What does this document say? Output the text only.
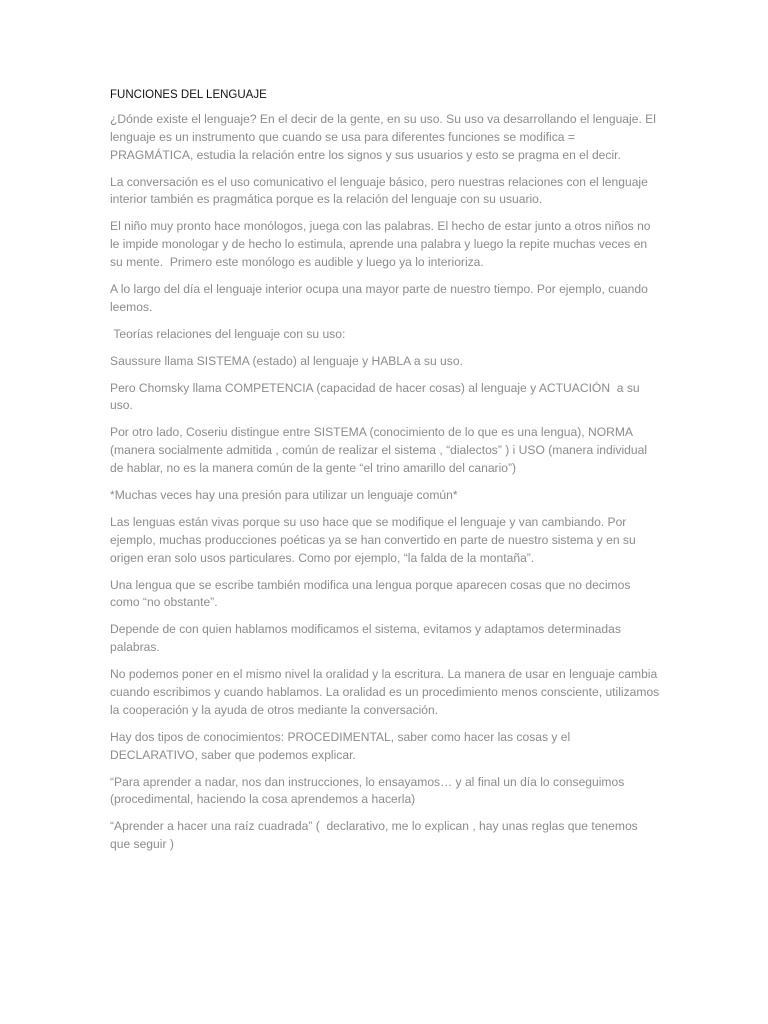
FUNCIONES DEL LENGUAJE

¿Dónde existe el lenguaje? En el decir de la gente, en su uso. Su uso va desarrollando el lenguaje. El lenguaje es un instrumento que cuando se usa para diferentes funciones se modifica = PRAGMÁTICA, estudia la relación entre los signos y sus usuarios y esto se pragma en el decir.

La conversación es el uso comunicativo el lenguaje básico, pero nuestras relaciones con el lenguaje interior también es pragmática porque es la relación del lenguaje con su usuario.

El niño muy pronto hace monólogos, juega con las palabras. El hecho de estar junto a otros niños no le impide monologar y de hecho lo estimula, aprende una palabra y luego la repite muchas veces en su mente.  Primero este monólogo es audible y luego ya lo interioriza.

A lo largo del día el lenguaje interior ocupa una mayor parte de nuestro tiempo. Por ejemplo, cuando leemos.

Teorías relaciones del lenguaje con su uso:

Saussure llama SISTEMA (estado) al lenguaje y HABLA a su uso.

Pero Chomsky llama COMPETENCIA (capacidad de hacer cosas) al lenguaje y ACTUACIÓN  a su uso.

Por otro lado, Coseriu distingue entre SISTEMA (conocimiento de lo que es una lengua), NORMA (manera socialmente admitida , común de realizar el sistema , “dialectos” ) i USO (manera individual de hablar, no es la manera común de la gente “el trino amarillo del canario”)

*Muchas veces hay una presión para utilizar un lenguaje común*

Las lenguas están vivas porque su uso hace que se modifique el lenguaje y van cambiando. Por ejemplo, muchas producciones poéticas ya se han convertido en parte de nuestro sistema y en su origen eran solo usos particulares. Como por ejemplo, “la falda de la montaña”.

Una lengua que se escribe también modifica una lengua porque aparecen cosas que no decimos como “no obstante”.

Depende de con quien hablamos modificamos el sistema, evitamos y adaptamos determinadas palabras.

No podemos poner en el mismo nivel la oralidad y la escritura. La manera de usar en lenguaje cambia cuando escribimos y cuando hablamos. La oralidad es un procedimiento menos consciente, utilizamos la cooperación y la ayuda de otros mediante la conversación.

Hay dos tipos de conocimientos: PROCEDIMENTAL, saber como hacer las cosas y el DECLARATIVO, saber que podemos explicar.

“Para aprender a nadar, nos dan instrucciones, lo ensayamos… y al final un día lo conseguimos (procedimental, haciendo la cosa aprendemos a hacerla)

“Aprender a hacer una raíz cuadrada” (  declarativo, me lo explican , hay unas reglas que tenemos que seguir )
